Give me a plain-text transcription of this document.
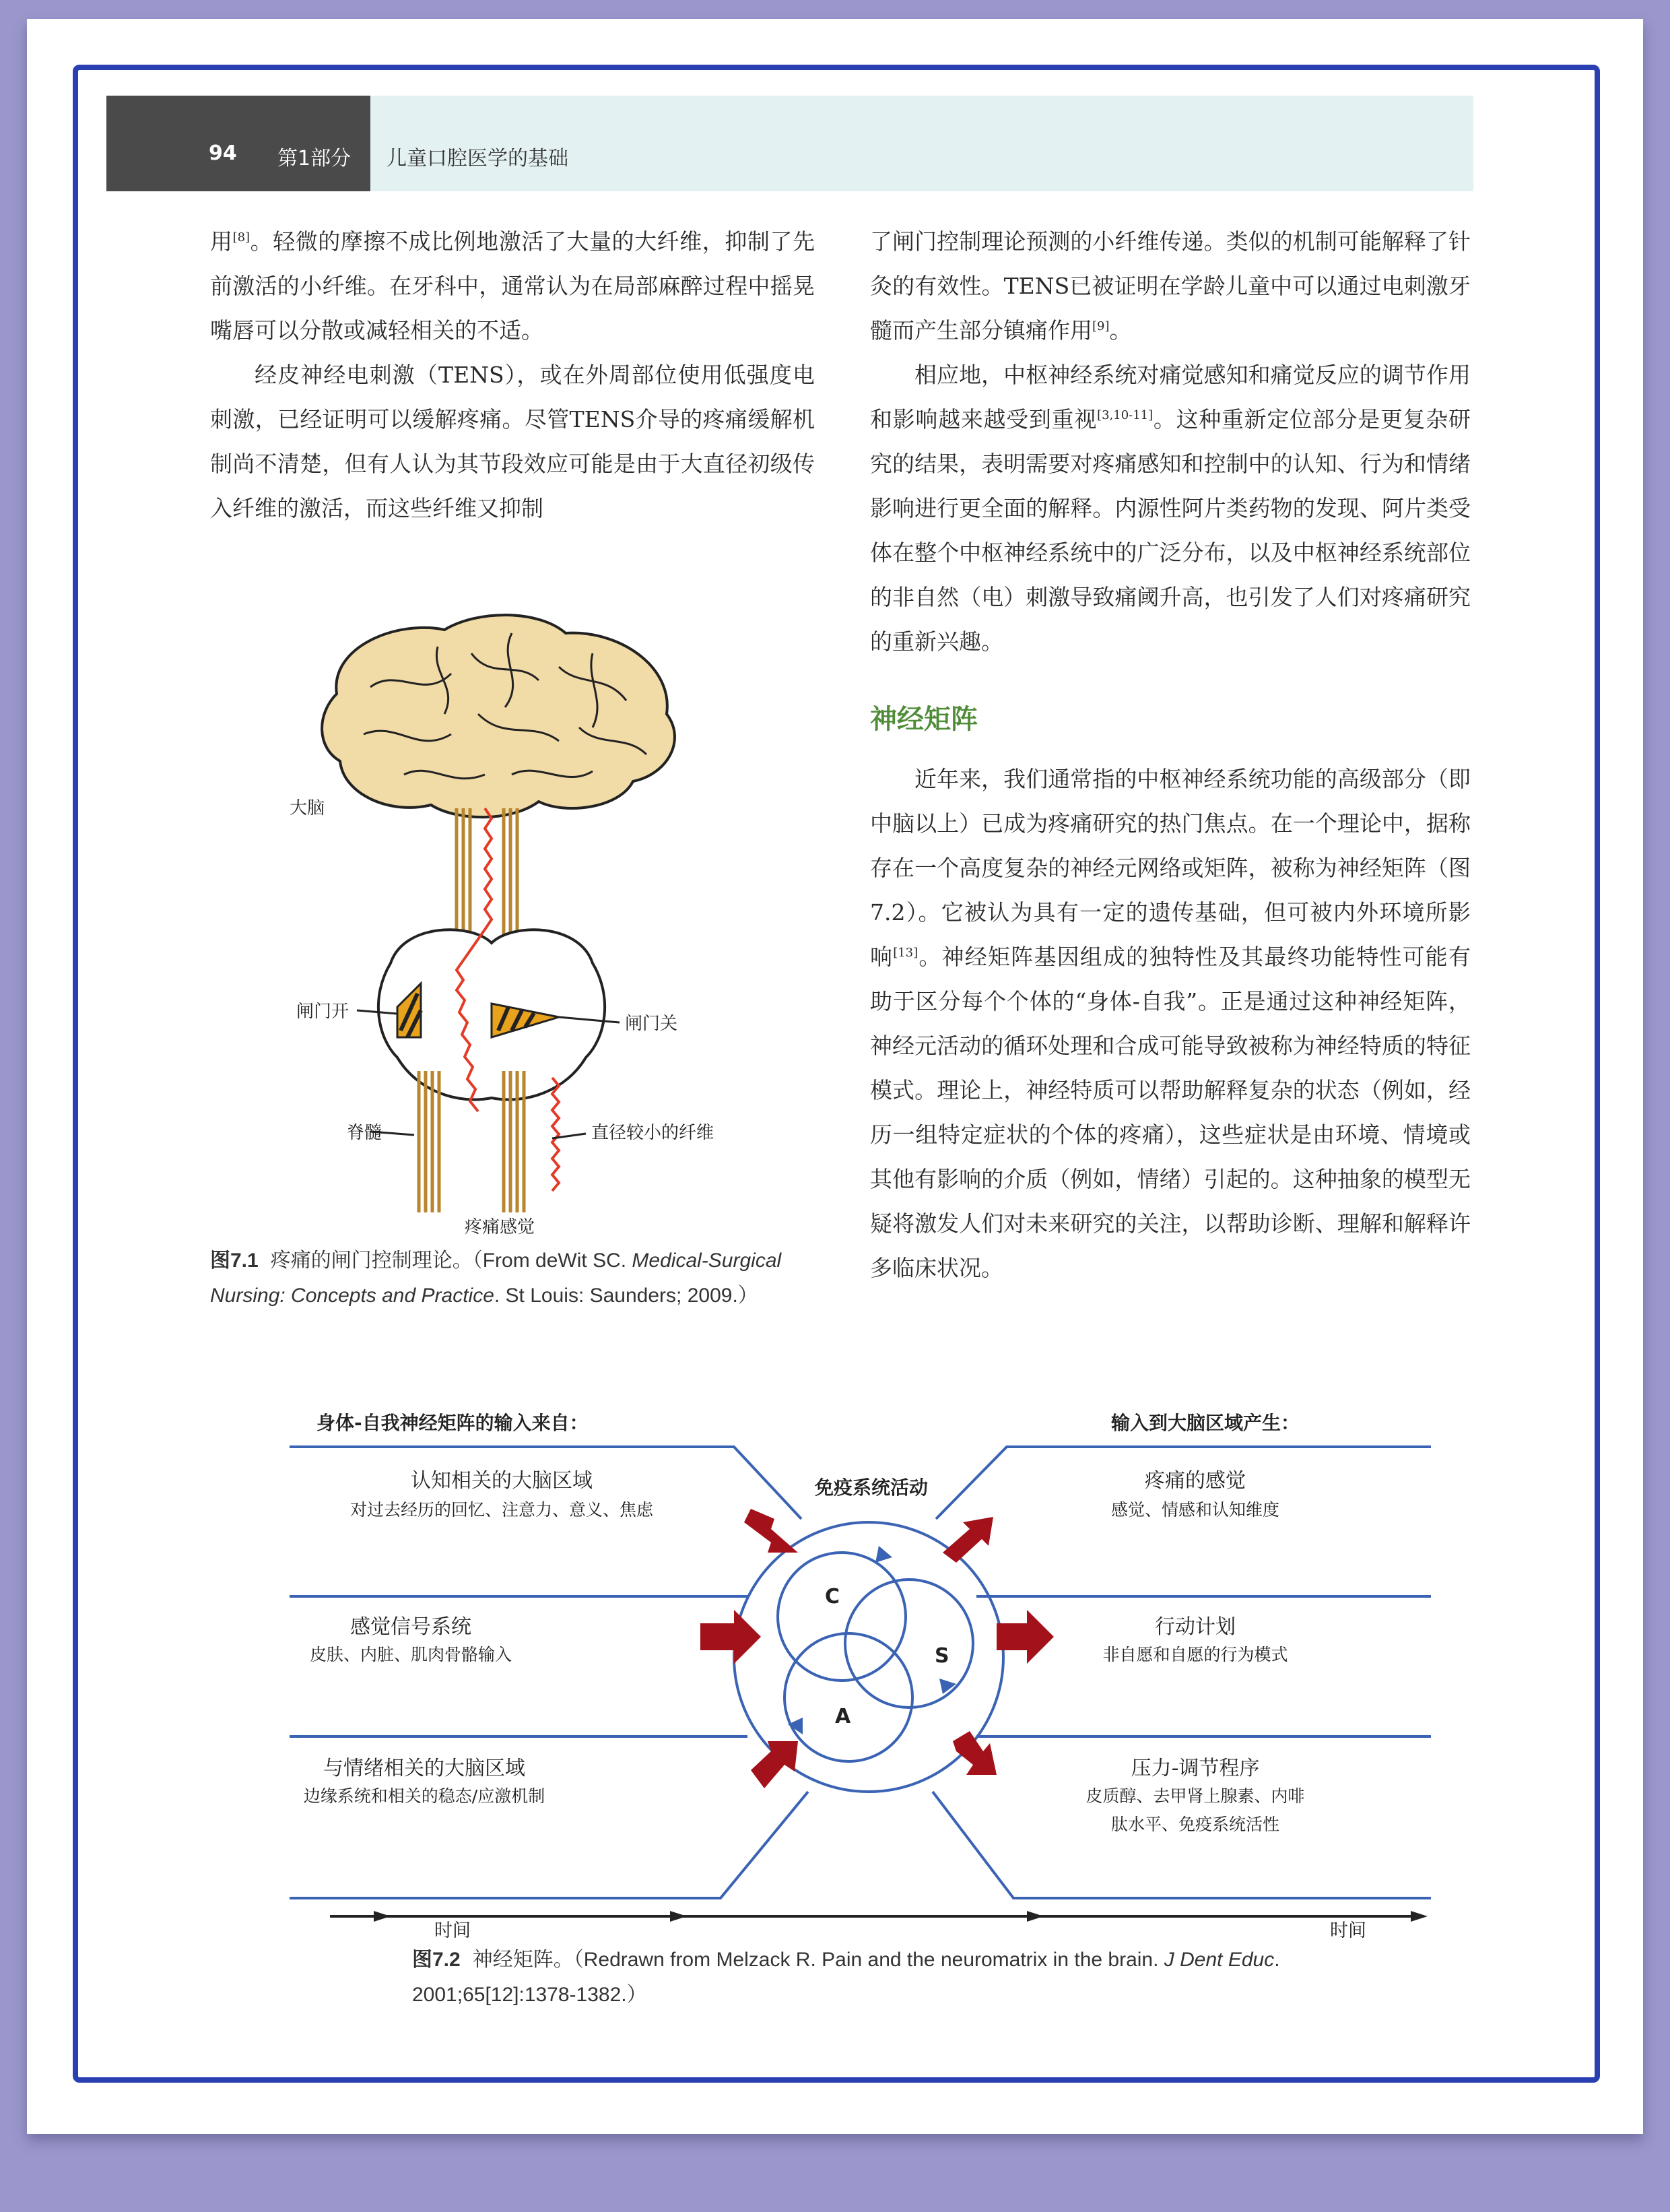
94 第1部分 儿童口腔医学的基础

用[8]。轻微的摩擦不成比例地激活了大量的大纤维，抑制了先前激活的小纤维。在牙科中，通常认为在局部麻醉过程中摇晃嘴唇可以分散或减轻相关的不适。

经皮神经电刺激（TENS），或在外周部位使用低强度电刺激，已经证明可以缓解疼痛。尽管TENS介导的疼痛缓解机制尚不清楚，但有人认为其节段效应可能是由于大直径初级传入纤维的激活，而这些纤维又抑制

了闸门控制理论预测的小纤维传递。类似的机制可能解释了针灸的有效性。TENS已被证明在学龄儿童中可以通过电刺激牙髓而产生部分镇痛作用[9]。

相应地，中枢神经系统对痛觉感知和痛觉反应的调节作用和影响越来越受到重视[3,10-11]。这种重新定位部分是更复杂研究的结果，表明需要对疼痛感知和控制中的认知、行为和情绪影响进行更全面的解释。内源性阿片类药物的发现、阿片类受体在整个中枢神经系统中的广泛分布，以及中枢神经系统部位的非自然（电）刺激导致痛阈升高，也引发了人们对疼痛研究的重新兴趣。

神经矩阵

近年来，我们通常指的中枢神经系统功能的高级部分（即中脑以上）已成为疼痛研究的热门焦点。在一个理论中，据称存在一个高度复杂的神经元网络或矩阵，被称为神经矩阵（图7.2）。它被认为具有一定的遗传基础，但可被内外环境所影响[13]。神经矩阵基因组成的独特性及其最终功能特性可能有助于区分每个个体的“身体-自我”。正是通过这种神经矩阵，神经元活动的循环处理和合成可能导致被称为神经特质的特征模式。理论上，神经特质可以帮助解释复杂的状态（例如，经历一组特定症状的个体的疼痛），这些症状是由环境、情境或其他有影响的介质（例如，情绪）引起的。这种抽象的模型无疑将激发人们对未来研究的关注，以帮助诊断、理解和解释许多临床状况。

大脑
闸门开
闸门关
脊髓	直径较小的纤维
疼痛感觉
图7.1 疼痛的闸门控制理论。（From deWit SC. Medical-Surgical Nursing: Concepts and Practice. St Louis: Saunders; 2009.）
身体-自我神经矩阵的输入来自：	输入到大脑区域产生：
免疫系统活动
C
S
A
认知相关的大脑区域
对过去经历的回忆、注意力、意义、焦虑
感觉信号系统
皮肤、内脏、肌肉骨骼输入
与情绪相关的大脑区域
边缘系统和相关的稳态/应激机制
疼痛的感觉
感觉、情感和认知维度
行动计划
非自愿和自愿的行为模式
压力-调节程序
皮质醇、去甲肾上腺素、内啡
肽水平、免疫系统活性
时间	时间
图7.2 神经矩阵。（Redrawn from Melzack R. Pain and the neuromatrix in the brain. J Dent Educ. 2001;65[12]:1378-1382.）
